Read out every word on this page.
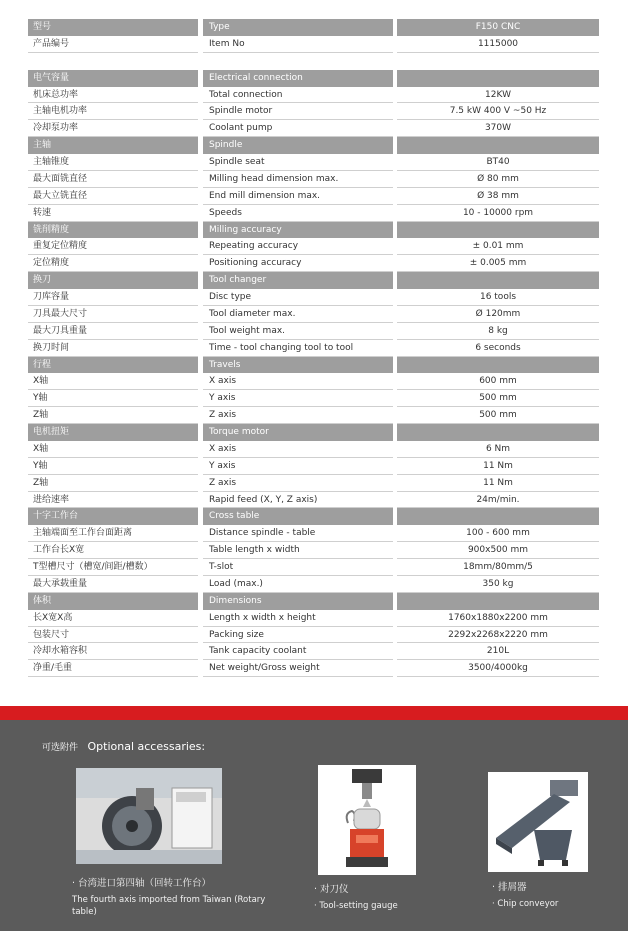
型号	Type	F150 CNC
产品编号	Item No	1115000
电气容量	Electrical connection
机床总功率	Total connection	12KW
主轴电机功率	Spindle motor	7.5 kW 400 V ~50 Hz
冷却泵功率	Coolant pump	370W
主轴	Spindle
主轴锥度	Spindle seat	BT40
最大面铣直径	Milling head dimension max.	Ø 80 mm
最大立铣直径	End mill dimension max.	Ø 38 mm
转速	Speeds	10 - 10000 rpm
铣削精度	Milling accuracy
重复定位精度	Repeating accuracy	± 0.01 mm
定位精度	Positioning accuracy	± 0.005 mm
换刀	Tool changer
刀库容量	Disc type	16 tools
刀具最大尺寸	Tool diameter max.	Ø 120mm
最大刀具重量	Tool weight max.	8 kg
换刀时间	Time - tool changing tool to tool	6 seconds
行程	Travels
X轴	X axis	600 mm
Y轴	Y axis	500 mm
Z轴	Z axis	500 mm
电机扭矩	Torque motor
X轴	X axis	6 Nm
Y轴	Y axis	11 Nm
Z轴	Z axis	11 Nm
进给速率	Rapid feed (X, Y, Z axis)	24m/min.
十字工作台	Cross table
主轴端面至工作台面距离	Distance spindle - table	100 - 600 mm
工作台长X宽	Table length x width	900x500 mm
T型槽尺寸（槽宽/间距/槽数）	T-slot	18mm/80mm/5
最大承载重量	Load (max.)	350 kg
体积	Dimensions
长X宽X高	Length x width x height	1760x1880x2200 mm
包装尺寸	Packing size	2292x2268x2220 mm
冷却水箱容积	Tank capacity coolant	210L
净重/毛重	Net weight/Gross weight	3500/4000kg
可选附件 Optional accessaries:
· 台湾进口第四轴（回转工作台）
The fourth axis imported from Taiwan (Rotary table)
· 对刀仪
· Tool-setting gauge
· 排屑器
· Chip conveyor
